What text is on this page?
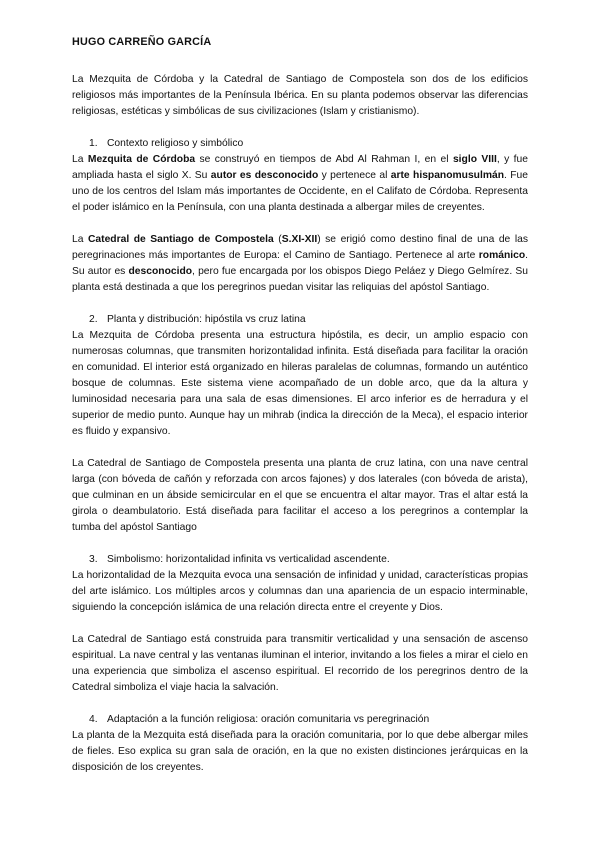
HUGO CARREÑO GARCÍA

La Mezquita de Córdoba y la Catedral de Santiago de Compostela son dos de los edificios religiosos más importantes de la Península Ibérica. En su planta podemos observar las diferencias religiosas, estéticas y simbólicas de sus civilizaciones (Islam y cristianismo).

1. Contexto religioso y simbólico

La Mezquita de Córdoba se construyó en tiempos de Abd Al Rahman I, en el siglo VIII, y fue ampliada hasta el siglo X. Su autor es desconocido y pertenece al arte hispanomusulmán. Fue uno de los centros del Islam más importantes de Occidente, en el Califato de Córdoba. Representa el poder islámico en la Península, con una planta destinada a albergar miles de creyentes.

La Catedral de Santiago de Compostela (S.XI-XII) se erigió como destino final de una de las peregrinaciones más importantes de Europa: el Camino de Santiago. Pertenece al arte románico. Su autor es desconocido, pero fue encargada por los obispos Diego Peláez y Diego Gelmírez. Su planta está destinada a que los peregrinos puedan visitar las reliquias del apóstol Santiago.

2. Planta y distribución: hipóstila vs cruz latina

La Mezquita de Córdoba presenta una estructura hipóstila, es decir, un amplio espacio con numerosas columnas, que transmiten horizontalidad infinita. Está diseñada para facilitar la oración en comunidad. El interior está organizado en hileras paralelas de columnas, formando un auténtico bosque de columnas. Este sistema viene acompañado de un doble arco, que da la altura y luminosidad necesaria para una sala de esas dimensiones. El arco inferior es de herradura y el superior de medio punto. Aunque hay un mihrab (indica la dirección de la Meca), el espacio interior es fluido y expansivo.

La Catedral de Santiago de Compostela presenta una planta de cruz latina, con una nave central larga (con bóveda de cañón y reforzada con arcos fajones) y dos laterales (con bóveda de arista), que culminan en un ábside semicircular en el que se encuentra el altar mayor. Tras el altar está la girola o deambulatorio. Está diseñada para facilitar el acceso a los peregrinos a contemplar la tumba del apóstol Santiago

3. Simbolismo: horizontalidad infinita vs verticalidad ascendente.

La horizontalidad de la Mezquita evoca una sensación de infinidad y unidad, características propias del arte islámico. Los múltiples arcos y columnas dan una apariencia de un espacio interminable, siguiendo la concepción islámica de una relación directa entre el creyente y Dios.

La Catedral de Santiago está construida para transmitir verticalidad y una sensación de ascenso espiritual. La nave central y las ventanas iluminan el interior, invitando a los fieles a mirar el cielo en una experiencia que simboliza el ascenso espiritual. El recorrido de los peregrinos dentro de la Catedral simboliza el viaje hacia la salvación.

4. Adaptación a la función religiosa: oración comunitaria vs peregrinación

La planta de la Mezquita está diseñada para la oración comunitaria, por lo que debe albergar miles de fieles. Eso explica su gran sala de oración, en la que no existen distinciones jerárquicas en la disposición de los creyentes.
